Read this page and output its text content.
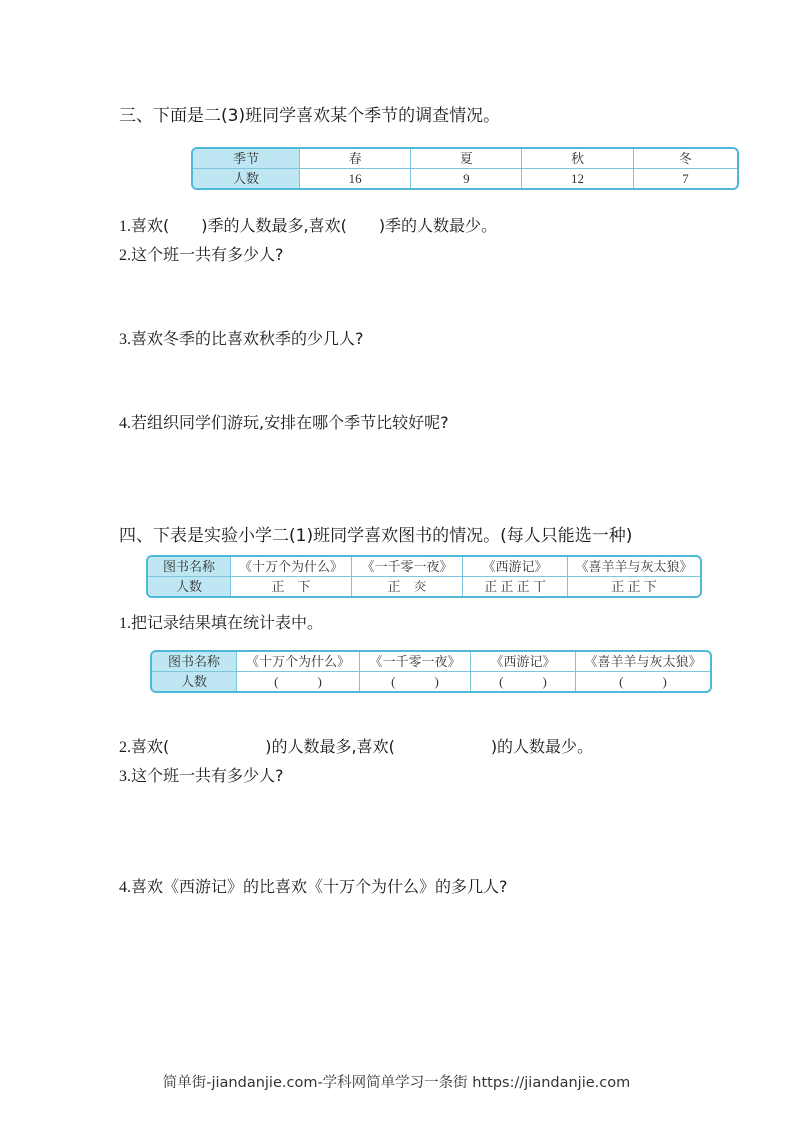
三、下面是二(3)班同学喜欢某个季节的调查情况。
季节	春	夏	秋	冬
人数	16	9	12	7
1.喜欢(　　)季的人数最多,喜欢(　　)季的人数最少。
2.这个班一共有多少人?
3.喜欢冬季的比喜欢秋季的少几人?
4.若组织同学们游玩,安排在哪个季节比较好呢?
四、下表是实验小学二(1)班同学喜欢图书的情况。(每人只能选一种)
图书名称	《十万个为什么》	《一千零一夜》	《西游记》	《喜羊羊与灰太狼》
人数	正　下	正　𤆍	正 正 正 丅	正 正 下
1.把记录结果填在统计表中。
图书名称	《十万个为什么》	《一千零一夜》	《西游记》	《喜羊羊与灰太狼》
人数	(　　　)	(　　　)	(　　　)	(　　　)
2.喜欢(　　　　　　)的人数最多,喜欢(　　　　　　)的人数最少。
3.这个班一共有多少人?
4.喜欢《西游记》的比喜欢《十万个为什么》的多几人?
简单街-jiandanjie.com-学科网简单学习一条街 https://jiandanjie.com
